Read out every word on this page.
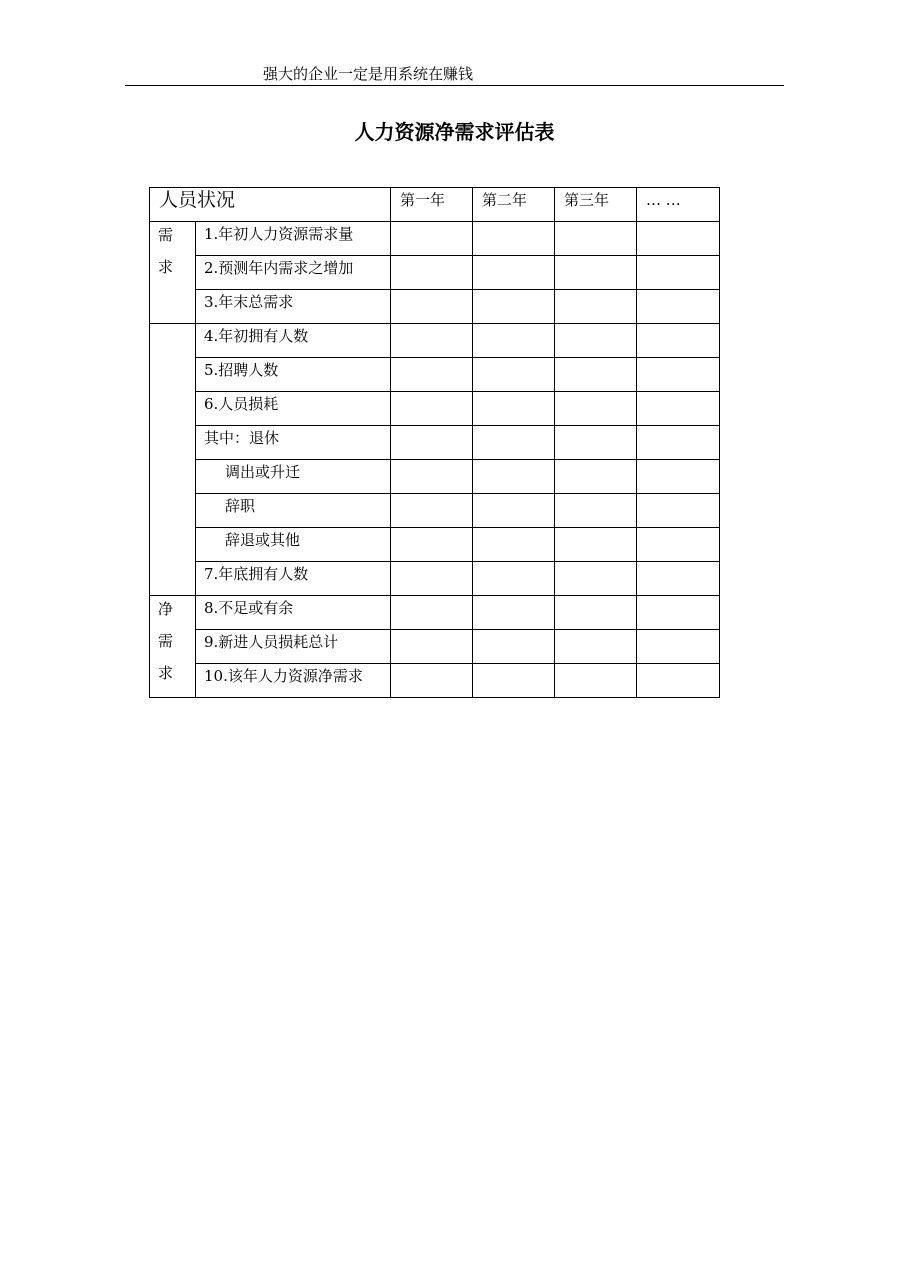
强大的企业一定是用系统在赚钱
人力资源净需求评估表
人员状况		第一年	第二年	第三年	… …

需
求	1.年初人力资源需求量				

	2.预测年内需求之增加				

	3.年末总需求				

	4.年初拥有人数				

	5.招聘人数				

	6.人员损耗				

	其中：退休				

	调出或升迁				

	辞职				

	辞退或其他				

	7.年底拥有人数				

净
需
求	8.不足或有余				

	9.新进人员损耗总计				

	10.该年人力资源净需求				
